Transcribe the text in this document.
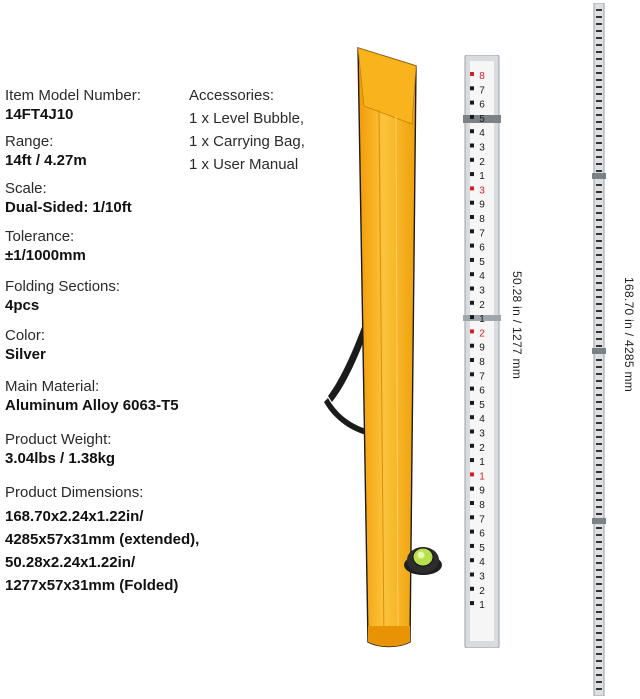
Item Model Number:
14FT4J10
Range:
14ft / 4.27m
Scale:
Dual-Sided: 1/10ft
Tolerance:
±1/1000mm
Folding Sections:
4pcs
Color:
Silver
Main Material:
Aluminum Alloy 6063-T5
Product Weight:
3.04lbs / 1.38kg
Product Dimensions:
168.70x2.24x1.22in/
4285x57x31mm (extended),
50.28x2.24x1.22in/
1277x57x31mm (Folded)
Accessories:
1 x Level Bubble,
1 x Carrying Bag,
1 x User Manual
8
7
6
5
4
3
2
1
3
9
8
7
6
5
4
3
2
1
2
9
8
7
6
5
4
3
2
1
1
9
8
7
6
5
4
3
2
1
50.28 in / 1277 mm	168.70 in / 4285 mm
